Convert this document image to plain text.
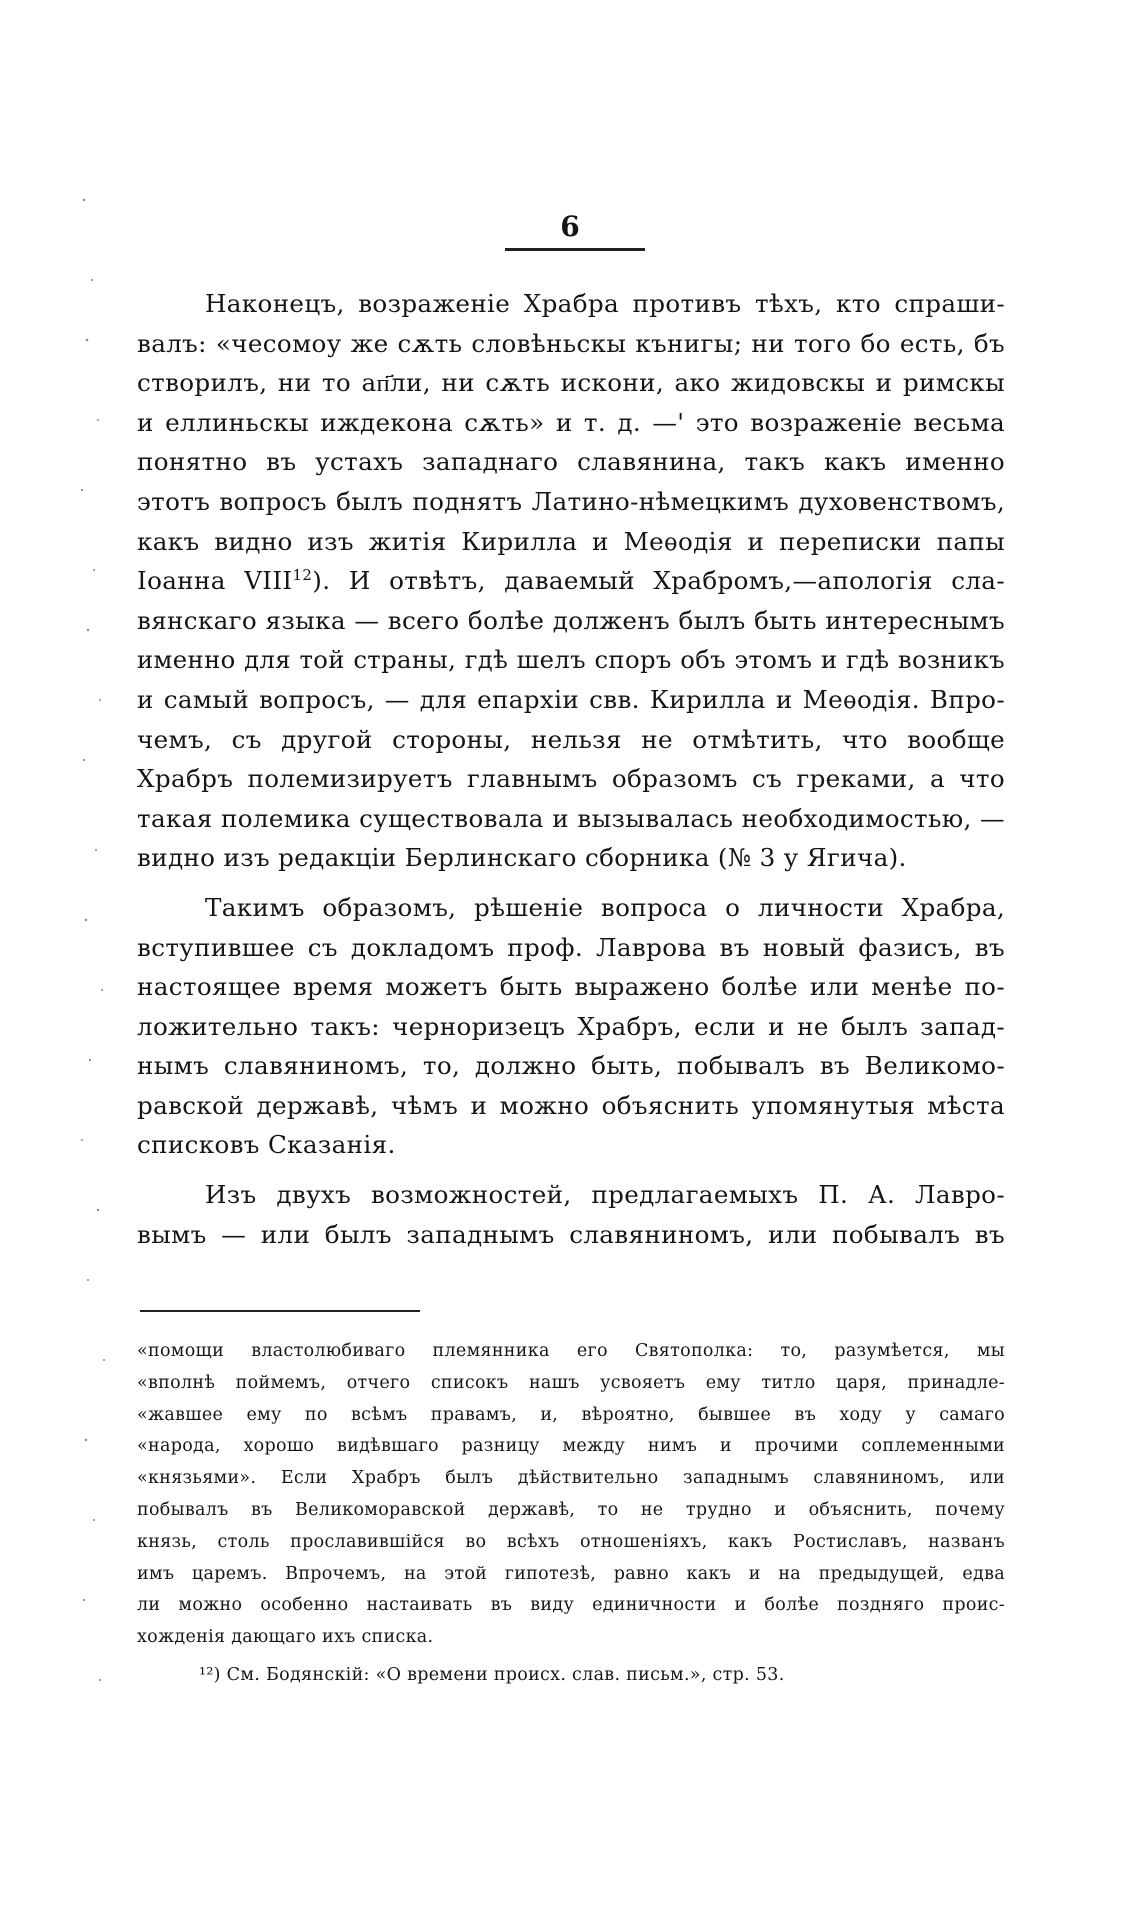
6
Наконецъ, возраженіе Храбра противъ тѣхъ, кто спраши-
валъ: «чесомоу же сѫть словѣньскы кънигы; ни того бо есть, бъ
створилъ, ни то ап҃ли, ни сѫть искони, ако жидовскы и римскы
и еллиньскы иждекона сѫть» и т. д. —' это возраженіе весьма
понятно въ устахъ западнаго славянина, такъ какъ именно
этотъ вопросъ былъ поднятъ Латино-нѣмецкимъ духовенствомъ,
какъ видно изъ житія Кирилла и Меѳодія и переписки папы
Іоанна VIII$^{12}$). И отвѣтъ, даваемый Храбромъ,—апологія сла-
вянскаго языка — всего болѣе долженъ былъ быть интереснымъ
именно для той страны, гдѣ шелъ споръ объ этомъ и гдѣ возникъ
и самый вопросъ, — для епархіи свв. Кирилла и Меѳодія. Впро-
чемъ, съ другой стороны, нельзя не отмѣтить, что вообще
Храбръ полемизируетъ главнымъ образомъ съ греками, а что
такая полемика существовала и вызывалась необходимостью, —
видно изъ редакціи Берлинскаго сборника (№ 3 у Ягича).
Такимъ образомъ, рѣшеніе вопроса о личности Храбра,
вступившее съ докладомъ проф. Лаврова въ новый фазисъ, въ
настоящее время можетъ быть выражено болѣе или менѣе по-
ложительно такъ: черноризецъ Храбръ, если и не былъ запад-
нымъ славяниномъ, то, должно быть, побывалъ въ Великомо-
равской державѣ, чѣмъ и можно объяснить упомянутыя мѣста
списковъ Сказанія.
Изъ двухъ возможностей, предлагаемыхъ П. А. Лавро-
вымъ — или былъ западнымъ славяниномъ, или побывалъ въ
«помощи властолюбиваго племянника его Святополка: то, разумѣется, мы
«вполнѣ поймемъ, отчего списокъ нашъ усвояетъ ему титло царя, принадле-
«жавшее ему по всѣмъ правамъ, и, вѣроятно, бывшее въ ходу у самаго
«народа, хорошо видѣвшаго разницу между нимъ и прочими соплеменными
«князьями». Если Храбръ былъ дѣйствительно западнымъ славяниномъ, или
побывалъ въ Великоморавской державѣ, то не трудно и объяснить, почему
князь, столь прославившійся во всѣхъ отношеніяхъ, какъ Ростиславъ, названъ
имъ царемъ. Впрочемъ, на этой гипотезѣ, равно какъ и на предыдущей, едва
ли можно особенно настаивать въ виду единичности и болѣе поздняго проис-
хожденія дающаго ихъ списка.
¹²) См. Бодянскій: «О времени происх. слав. письм.», стр. 53.
